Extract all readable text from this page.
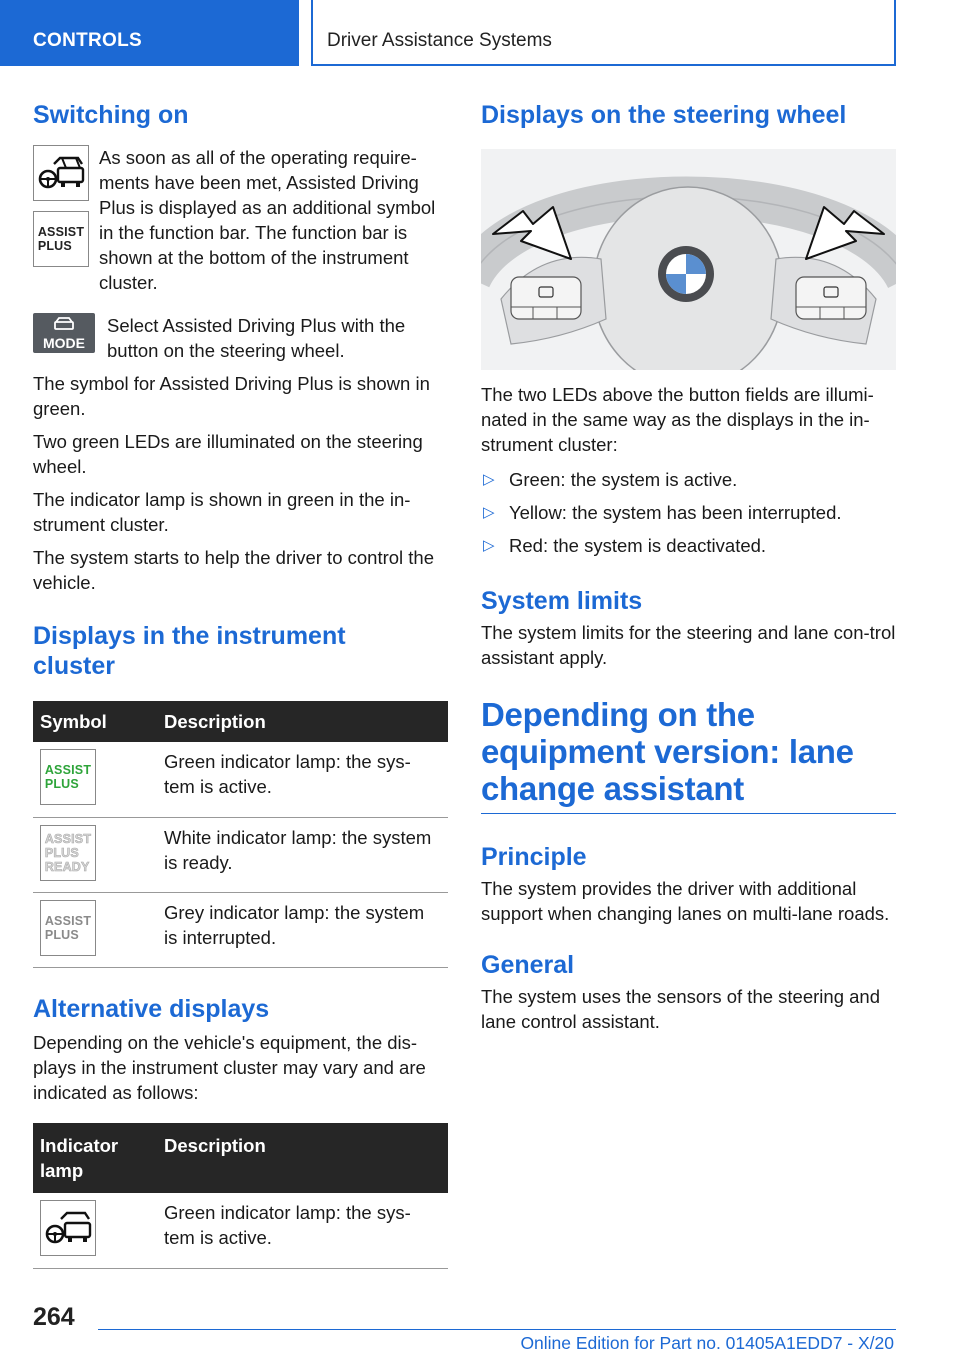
CONTROLS	Driver Assistance Systems
Switching on
ASSIST
PLUS

As soon as all of the operating require-ments have been met, Assisted Driving Plus is displayed as an additional symbol in the function bar. The function bar is shown at the bottom of the instrument cluster.

MODE

Select Assisted Driving Plus with the button on the steering wheel.

The symbol for Assisted Driving Plus is shown in green.

Two green LEDs are illuminated on the steering wheel.

The indicator lamp is shown in green in the in-strument cluster.

The system starts to help the driver to control the vehicle.

Displays in the instrument cluster
Symbol	Description

ASSIST
PLUS	Green indicator lamp: the sys-tem is active.

ASSIST
PLUS
READY	White indicator lamp: the system is ready.

ASSIST
PLUS	Grey indicator lamp: the system is interrupted.
Alternative displays

Depending on the vehicle's equipment, the dis-plays in the instrument cluster may vary and are indicated as follows:

Indicator lamp	Description

	Green indicator lamp: the sys-tem is active.
Displays on the steering wheel

The two LEDs above the button fields are illumi-nated in the same way as the displays in the in-strument cluster:

▷ Green: the system is active.
▷ Yellow: the system has been interrupted.
▷ Red: the system is deactivated.
System limits

The system limits for the steering and lane con-trol assistant apply.

Depending on the equipment version: lane change assistant
Principle

The system provides the driver with additional support when changing lanes on multi-lane roads.

General

The system uses the sensors of the steering and lane control assistant.

264
Online Edition for Part no. 01405A1EDD7 - X/20
